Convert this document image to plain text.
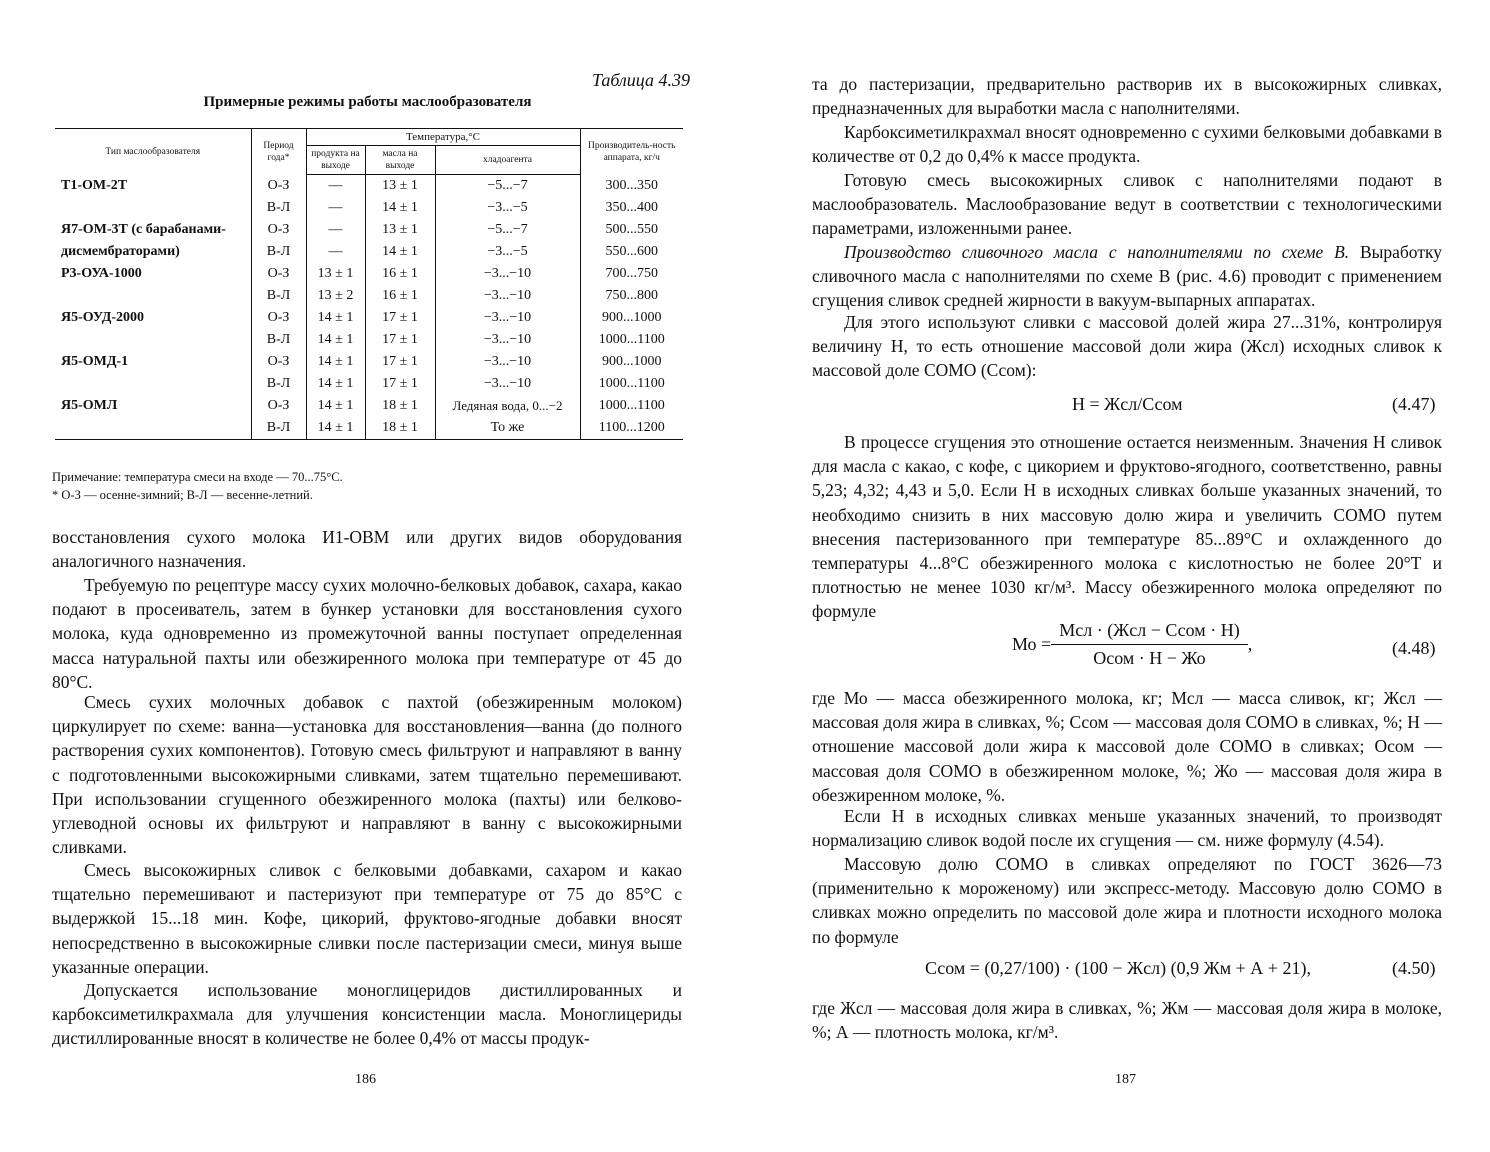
Таблица 4.39
Примерные режимы работы маслообразователя
Тип маслообразователя	Период года*	Температура,°С			Производитель-ность аппарата, кг/ч
		продукта на выходе	масла на выходе	хладоагента	
Т1-ОМ-2Т	О-З	—	13 ± 1	−5...−7	300...350
	В-Л	—	14 ± 1	−3...−5	350...400
Я7-ОМ-3Т (с барабанами-	О-З	—	13 ± 1	−5...−7	500...550
дисмембраторами)	В-Л	—	14 ± 1	−3...−5	550...600
Р3-ОУА-1000	О-З	13 ± 1	16 ± 1	−3...−10	700...750
	В-Л	13 ± 2	16 ± 1	−3...−10	750...800
Я5-ОУД-2000	О-З	14 ± 1	17 ± 1	−3...−10	900...1000
	В-Л	14 ± 1	17 ± 1	−3...−10	1000...1100
Я5-ОМД-1	О-З	14 ± 1	17 ± 1	−3...−10	900...1000
	В-Л	14 ± 1	17 ± 1	−3...−10	1000...1100
Я5-ОМЛ	О-З	14 ± 1	18 ± 1	Ледяная вода, 0...−2	1000...1100
	В-Л	14 ± 1	18 ± 1	То же	1100...1200
Примечание: температура смеси на входе — 70...75°С.
* О-З — осенне-зимний; В-Л — весенне-летний.

восстановления сухого молока И1-ОВМ или других видов оборудования аналогичного назначения.

Требуемую по рецептуре массу сухих молочно-белковых добавок, сахара, какао подают в просеиватель, затем в бункер установки для восстановления сухого молока, куда одновременно из промежуточной ванны поступает определенная масса натуральной пахты или обезжиренного молока при температуре от 45 до 80°С.

Смесь сухих молочных добавок с пахтой (обезжиренным молоком) циркулирует по схеме: ванна—установка для восстановления—ванна (до полного растворения сухих компонентов). Готовую смесь фильтруют и направляют в ванну с подготовленными высокожирными сливками, затем тщательно перемешивают. При использовании сгущенного обезжиренного молока (пахты) или белково-углеводной основы их фильтруют и направляют в ванну с высокожирными сливками.

Смесь высокожирных сливок с белковыми добавками, сахаром и какао тщательно перемешивают и пастеризуют при температуре от 75 до 85°С с выдержкой 15...18 мин. Кофе, цикорий, фруктово-ягодные добавки вносят непосредственно в высокожирные сливки после пастеризации смеси, минуя выше указанные операции.

Допускается использование моноглицеридов дистиллированных и карбоксиметилкрахмала для улучшения консистенции масла. Моноглицериды дистиллированные вносят в количестве не более 0,4% от массы продук-

186

та до пастеризации, предварительно растворив их в высокожирных сливках, предназначенных для выработки масла с наполнителями.

Карбоксиметилкрахмал вносят одновременно с сухими белковыми добавками в количестве от 0,2 до 0,4% к массе продукта.

Готовую смесь высокожирных сливок с наполнителями подают в маслообразователь. Маслообразование ведут в соответствии с технологическими параметрами, изложенными ранее.

Производство сливочного масла с наполнителями по схеме В. Выработку сливочного масла с наполнителями по схеме В (рис. 4.6) проводит с применением сгущения сливок средней жирности в вакуум-выпарных аппаратах.

Для этого используют сливки с массовой долей жира 27...31%, контролируя величину Н, то есть отношение массовой доли жира (Жсл) исходных сливок к массовой доле СОМО (Ссом):

Н = Жсл/Ссом	(4.47)

В процессе сгущения это отношение остается неизменным. Значения Н сливок для масла с какао, с кофе, с цикорием и фруктово-ягодного, соответственно, равны 5,23; 4,32; 4,43 и 5,0. Если Н в исходных сливках больше указанных значений, то необходимо снизить в них массовую долю жира и увеличить СОМО путем внесения пастеризованного при температуре 85...89°С и охлажденного до температуры 4...8°С обезжиренного молока с кислотностью не более 20°Т и плотностью не менее 1030 кг/м³. Массу обезжиренного молока определяют по формуле

Мо = $\frac{\text{Мсл · (Жсл − Ссом · Н)}}{\text{Осом · Н − Жо}}$ ,	(4.48)

где Мо — масса обезжиренного молока, кг; Мсл — масса сливок, кг; Жсл — массовая доля жира в сливках, %; Ссом — массовая доля СОМО в сливках, %; Н — отношение массовой доли жира к массовой доле СОМО в сливках; Осом — массовая доля СОМО в обезжиренном молоке, %; Жо — массовая доля жира в обезжиренном молоке, %.

Если Н в исходных сливках меньше указанных значений, то производят нормализацию сливок водой после их сгущения — см. ниже формулу (4.54).

Массовую долю СОМО в сливках определяют по ГОСТ 3626—73 (применительно к мороженому) или экспресс-методу. Массовую долю СОМО в сливках можно определить по массовой доле жира и плотности исходного молока по формуле

Ссом = (0,27/100) · (100 − Жсл) (0,9 Жм + А + 21),	(4.50)

где Жсл — массовая доля жира в сливках, %; Жм — массовая доля жира в молоке, %; А — плотность молока, кг/м³.

187
